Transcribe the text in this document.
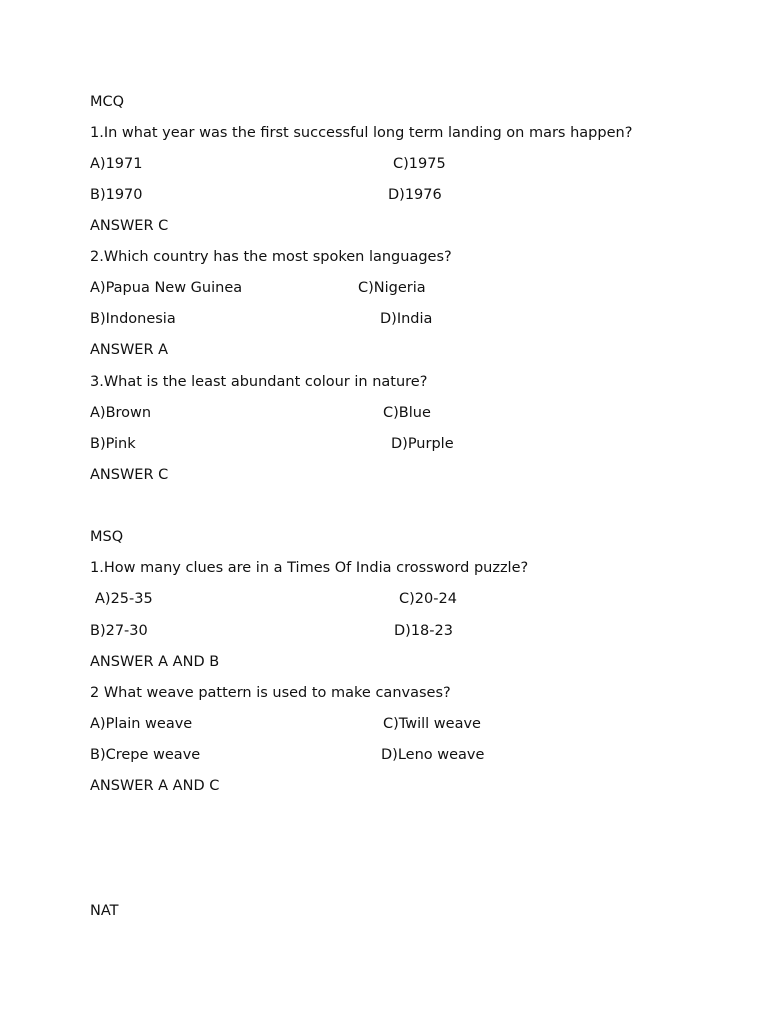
MCQ
1.In what year was the first successful long term landing on mars happen?
A)1971	C)1975
B)1970	D)1976
ANSWER C
2.Which country has the most spoken languages?
A)Papua New Guinea	C)Nigeria
B)Indonesia	D)India
ANSWER A
3.What is the least abundant colour in nature?
A)Brown	C)Blue
B)Pink	D)Purple
ANSWER C
MSQ
1.How many clues are in a Times Of India crossword puzzle?
A)25-35	C)20-24
B)27-30	D)18-23
ANSWER A AND B
2 What weave pattern is used to make canvases?
A)Plain weave	C)Twill weave
B)Crepe weave	D)Leno weave
ANSWER A AND C
NAT
